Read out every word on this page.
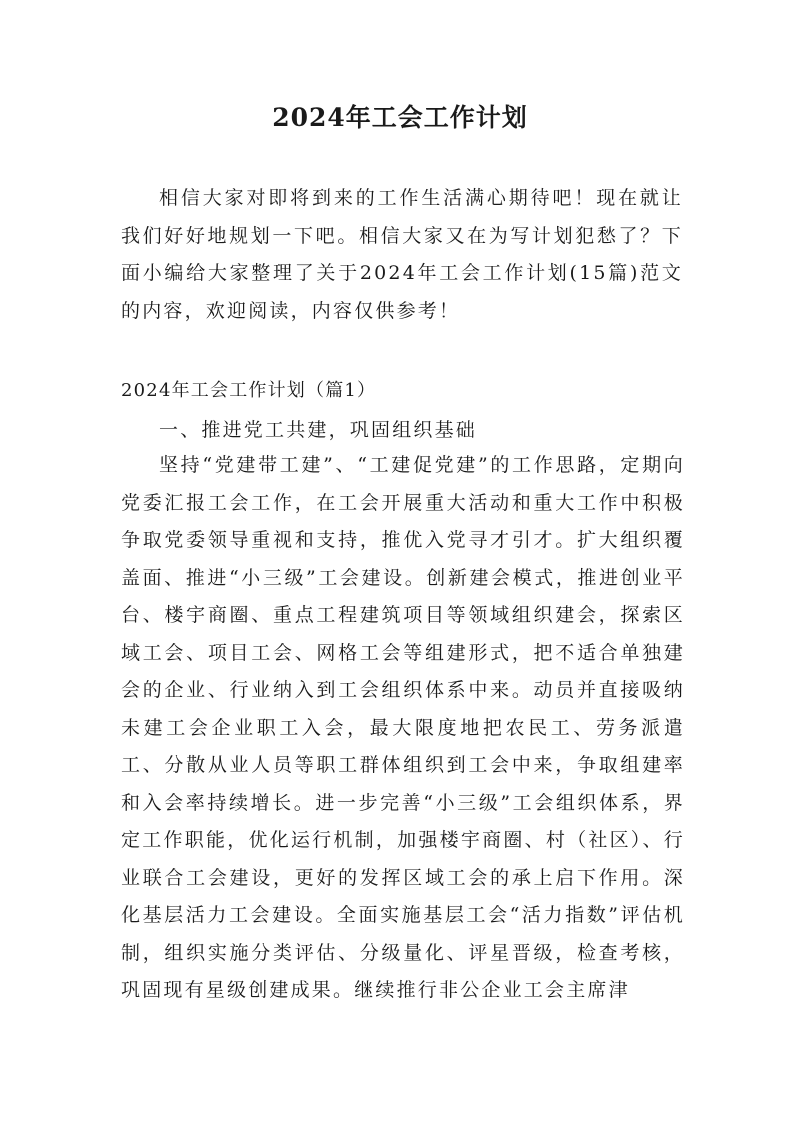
2024年工会工作计划

相信大家对即将到来的工作生活满心期待吧！现在就让我们好好地规划一下吧。相信大家又在为写计划犯愁了？下面小编给大家整理了关于2024年工会工作计划(15篇)范文的内容，欢迎阅读，内容仅供参考！

2024年工会工作计划（篇1）
一、推进党工共建，巩固组织基础

坚持“党建带工建”、“工建促党建”的工作思路，定期向党委汇报工会工作，在工会开展重大活动和重大工作中积极争取党委领导重视和支持，推优入党寻才引才。扩大组织覆盖面、推进“小三级”工会建设。创新建会模式，推进创业平台、楼宇商圈、重点工程建筑项目等领域组织建会，探索区域工会、项目工会、网格工会等组建形式，把不适合单独建会的企业、行业纳入到工会组织体系中来。动员并直接吸纳未建工会企业职工入会，最大限度地把农民工、劳务派遣工、分散从业人员等职工群体组织到工会中来，争取组建率和入会率持续增长。进一步完善“小三级”工会组织体系，界定工作职能，优化运行机制，加强楼宇商圈、村（社区）、行业联合工会建设，更好的发挥区域工会的承上启下作用。深化基层活力工会建设。全面实施基层工会“活力指数”评估机制，组织实施分类评估、分级量化、评星晋级，检查考核，巩固现有星级创建成果。继续推行非公企业工会主席津
